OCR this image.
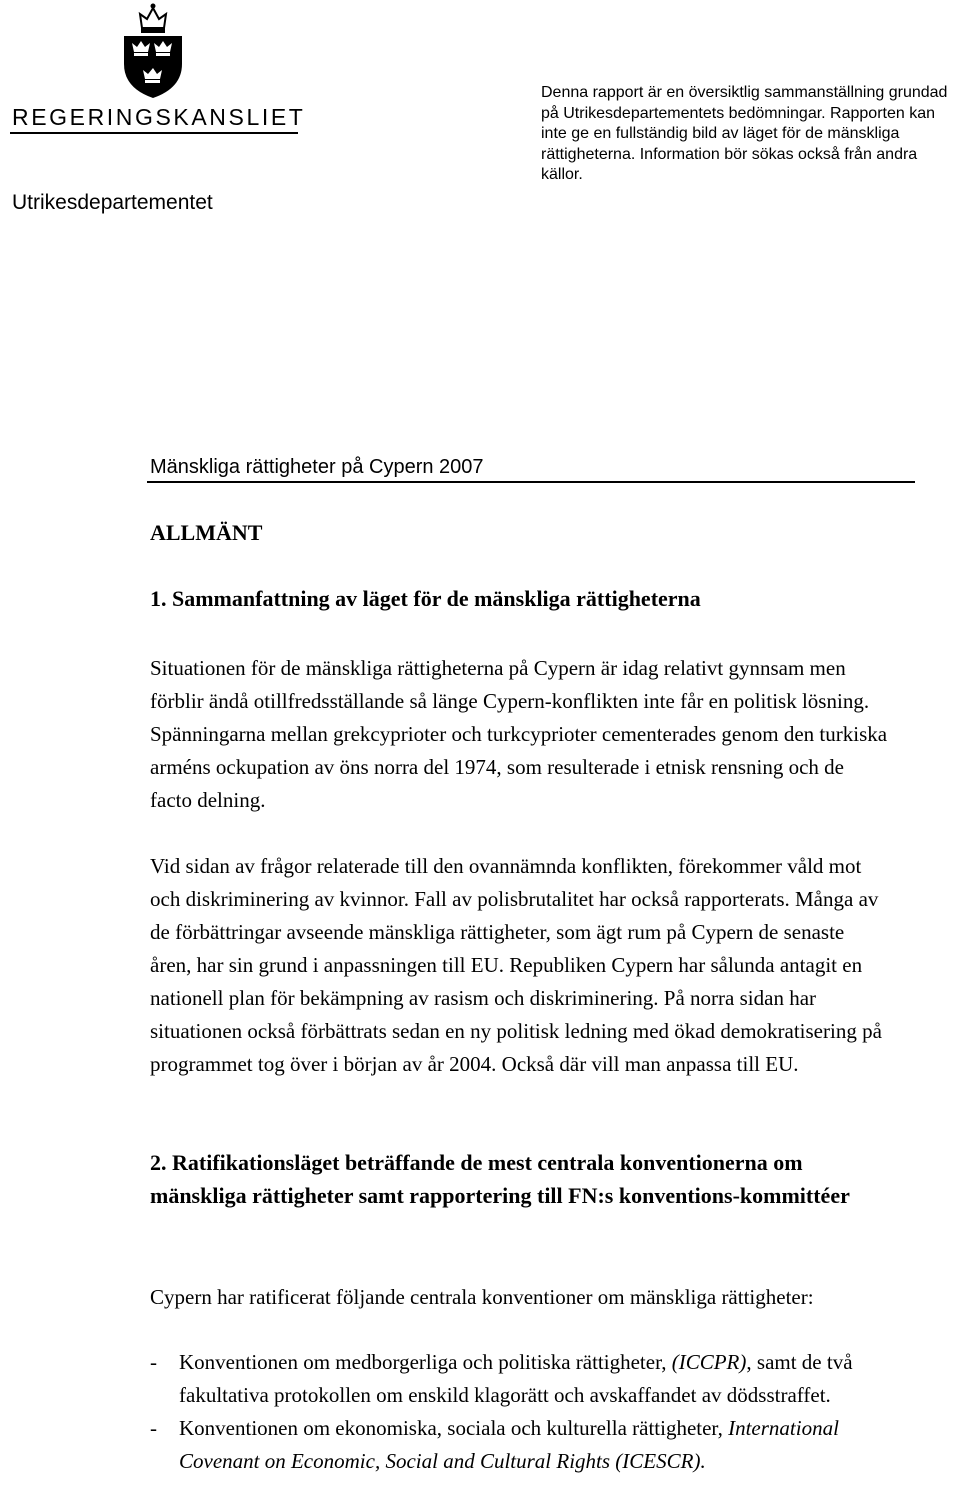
REGERINGSKANSLIET
Utrikesdepartementet
Denna rapport är en översiktlig sammanställning grundad på Utrikesdepartementets bedömningar. Rapporten kan inte ge en fullständig bild av läget för de mänskliga rättigheterna. Information bör sökas också från andra källor.
Mänskliga rättigheter på Cypern 2007
ALLMÄNT
1. Sammanfattning av läget för de mänskliga rättigheterna
Situationen för de mänskliga rättigheterna på Cypern är idag relativt gynnsam men förblir ändå otillfredsställande så länge Cypern-konflikten inte får en politisk lösning. Spänningarna mellan grekcyprioter och turkcyprioter cementerades genom den turkiska arméns ockupation av öns norra del 1974, som resulterade i etnisk rensning och de facto delning.
Vid sidan av frågor relaterade till den ovannämnda konflikten, förekommer våld mot och diskriminering av kvinnor. Fall av polisbrutalitet har också rapporterats. Många av de förbättringar avseende mänskliga rättigheter, som ägt rum på Cypern de senaste åren, har sin grund i anpassningen till EU. Republiken Cypern har sålunda antagit en nationell plan för bekämpning av rasism och diskriminering. På norra sidan har situationen också förbättrats sedan en ny politisk ledning med ökad demokratisering på programmet tog över i början av år 2004. Också där vill man anpassa till EU.
2. Ratifikationsläget beträffande de mest centrala konventionerna om mänskliga rättigheter samt rapportering till FN:s konventions-kommittéer
Cypern har ratificerat följande centrala konventioner om mänskliga rättigheter:
- Konventionen om medborgerliga och politiska rättigheter, (ICCPR), samt de två fakultativa protokollen om enskild klagorätt och avskaffandet av dödsstraffet.
- Konventionen om ekonomiska, sociala och kulturella rättigheter, International Covenant on Economic, Social and Cultural Rights (ICESCR).
